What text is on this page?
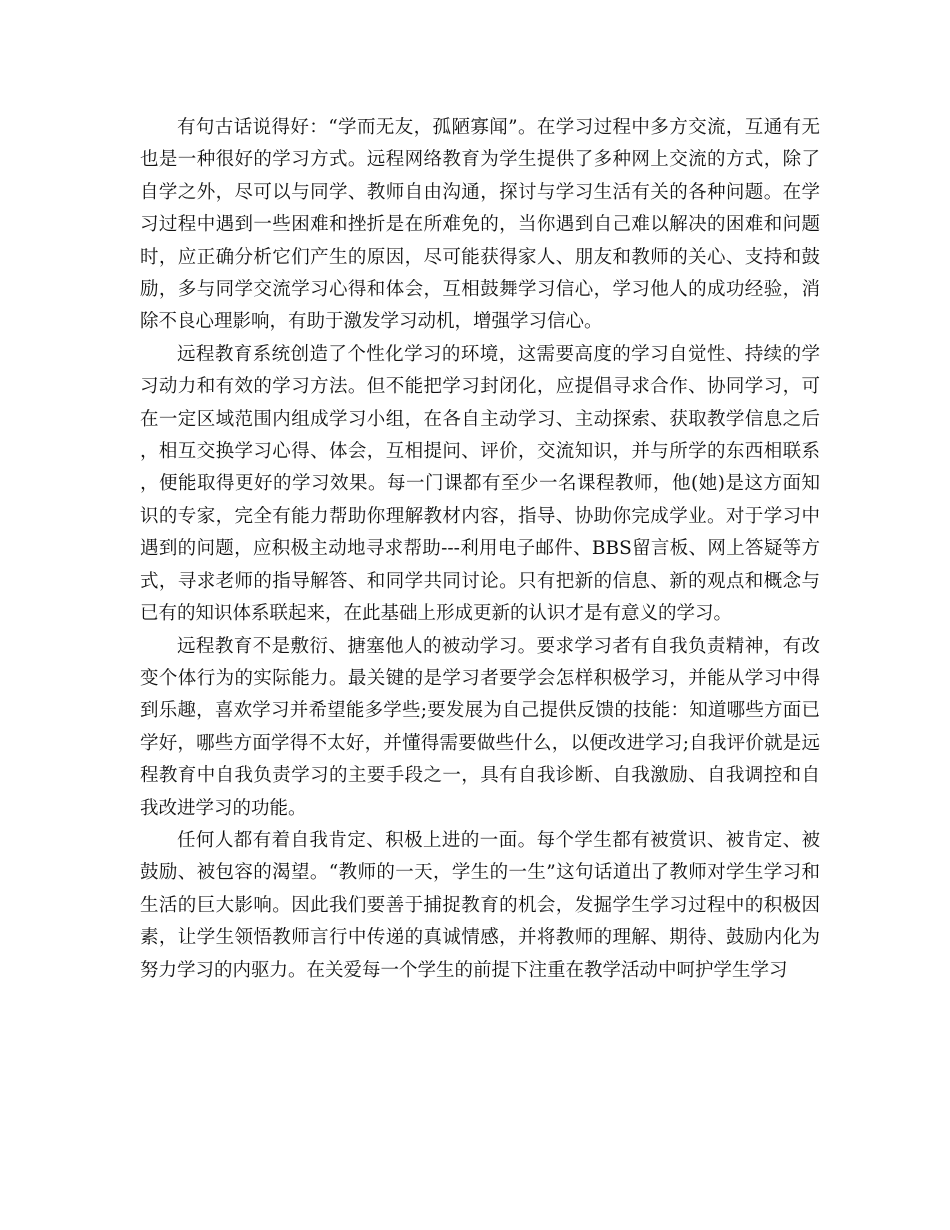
有句古话说得好：“学而无友，孤陋寡闻”。在学习过程中多方交流，互通有无也是一种很好的学习方式。远程网络教育为学生提供了多种网上交流的方式，除了自学之外，尽可以与同学、教师自由沟通，探讨与学习生活有关的各种问题。在学习过程中遇到一些困难和挫折是在所难免的，当你遇到自己难以解决的困难和问题时，应正确分析它们产生的原因，尽可能获得家人、朋友和教师的关心、支持和鼓励，多与同学交流学习心得和体会，互相鼓舞学习信心，学习他人的成功经验，消除不良心理影响，有助于激发学习动机，增强学习信心。

远程教育系统创造了个性化学习的环境，这需要高度的学习自觉性、持续的学习动力和有效的学习方法。但不能把学习封闭化，应提倡寻求合作、协同学习，可在一定区域范围内组成学习小组，在各自主动学习、主动探索、获取教学信息之后，相互交换学习心得、体会，互相提问、评价，交流知识，并与所学的东西相联系，便能取得更好的学习效果。每一门课都有至少一名课程教师，他(她)是这方面知识的专家，完全有能力帮助你理解教材内容，指导、协助你完成学业。对于学习中遇到的问题，应积极主动地寻求帮助---利用电子邮件、BBS留言板、网上答疑等方式，寻求老师的指导解答、和同学共同讨论。只有把新的信息、新的观点和概念与已有的知识体系联起来，在此基础上形成更新的认识才是有意义的学习。

远程教育不是敷衍、搪塞他人的被动学习。要求学习者有自我负责精神，有改变个体行为的实际能力。最关键的是学习者要学会怎样积极学习，并能从学习中得到乐趣，喜欢学习并希望能多学些;要发展为自己提供反馈的技能：知道哪些方面已学好，哪些方面学得不太好，并懂得需要做些什么，以便改进学习;自我评价就是远程教育中自我负责学习的主要手段之一，具有自我诊断、自我激励、自我调控和自我改进学习的功能。

任何人都有着自我肯定、积极上进的一面。每个学生都有被赏识、被肯定、被鼓励、被包容的渴望。“教师的一天，学生的一生”这句话道出了教师对学生学习和生活的巨大影响。因此我们要善于捕捉教育的机会，发掘学生学习过程中的积极因素，让学生领悟教师言行中传递的真诚情感，并将教师的理解、期待、鼓励内化为努力学习的内驱力。在关爱每一个学生的前提下注重在教学活动中呵护学生学习
